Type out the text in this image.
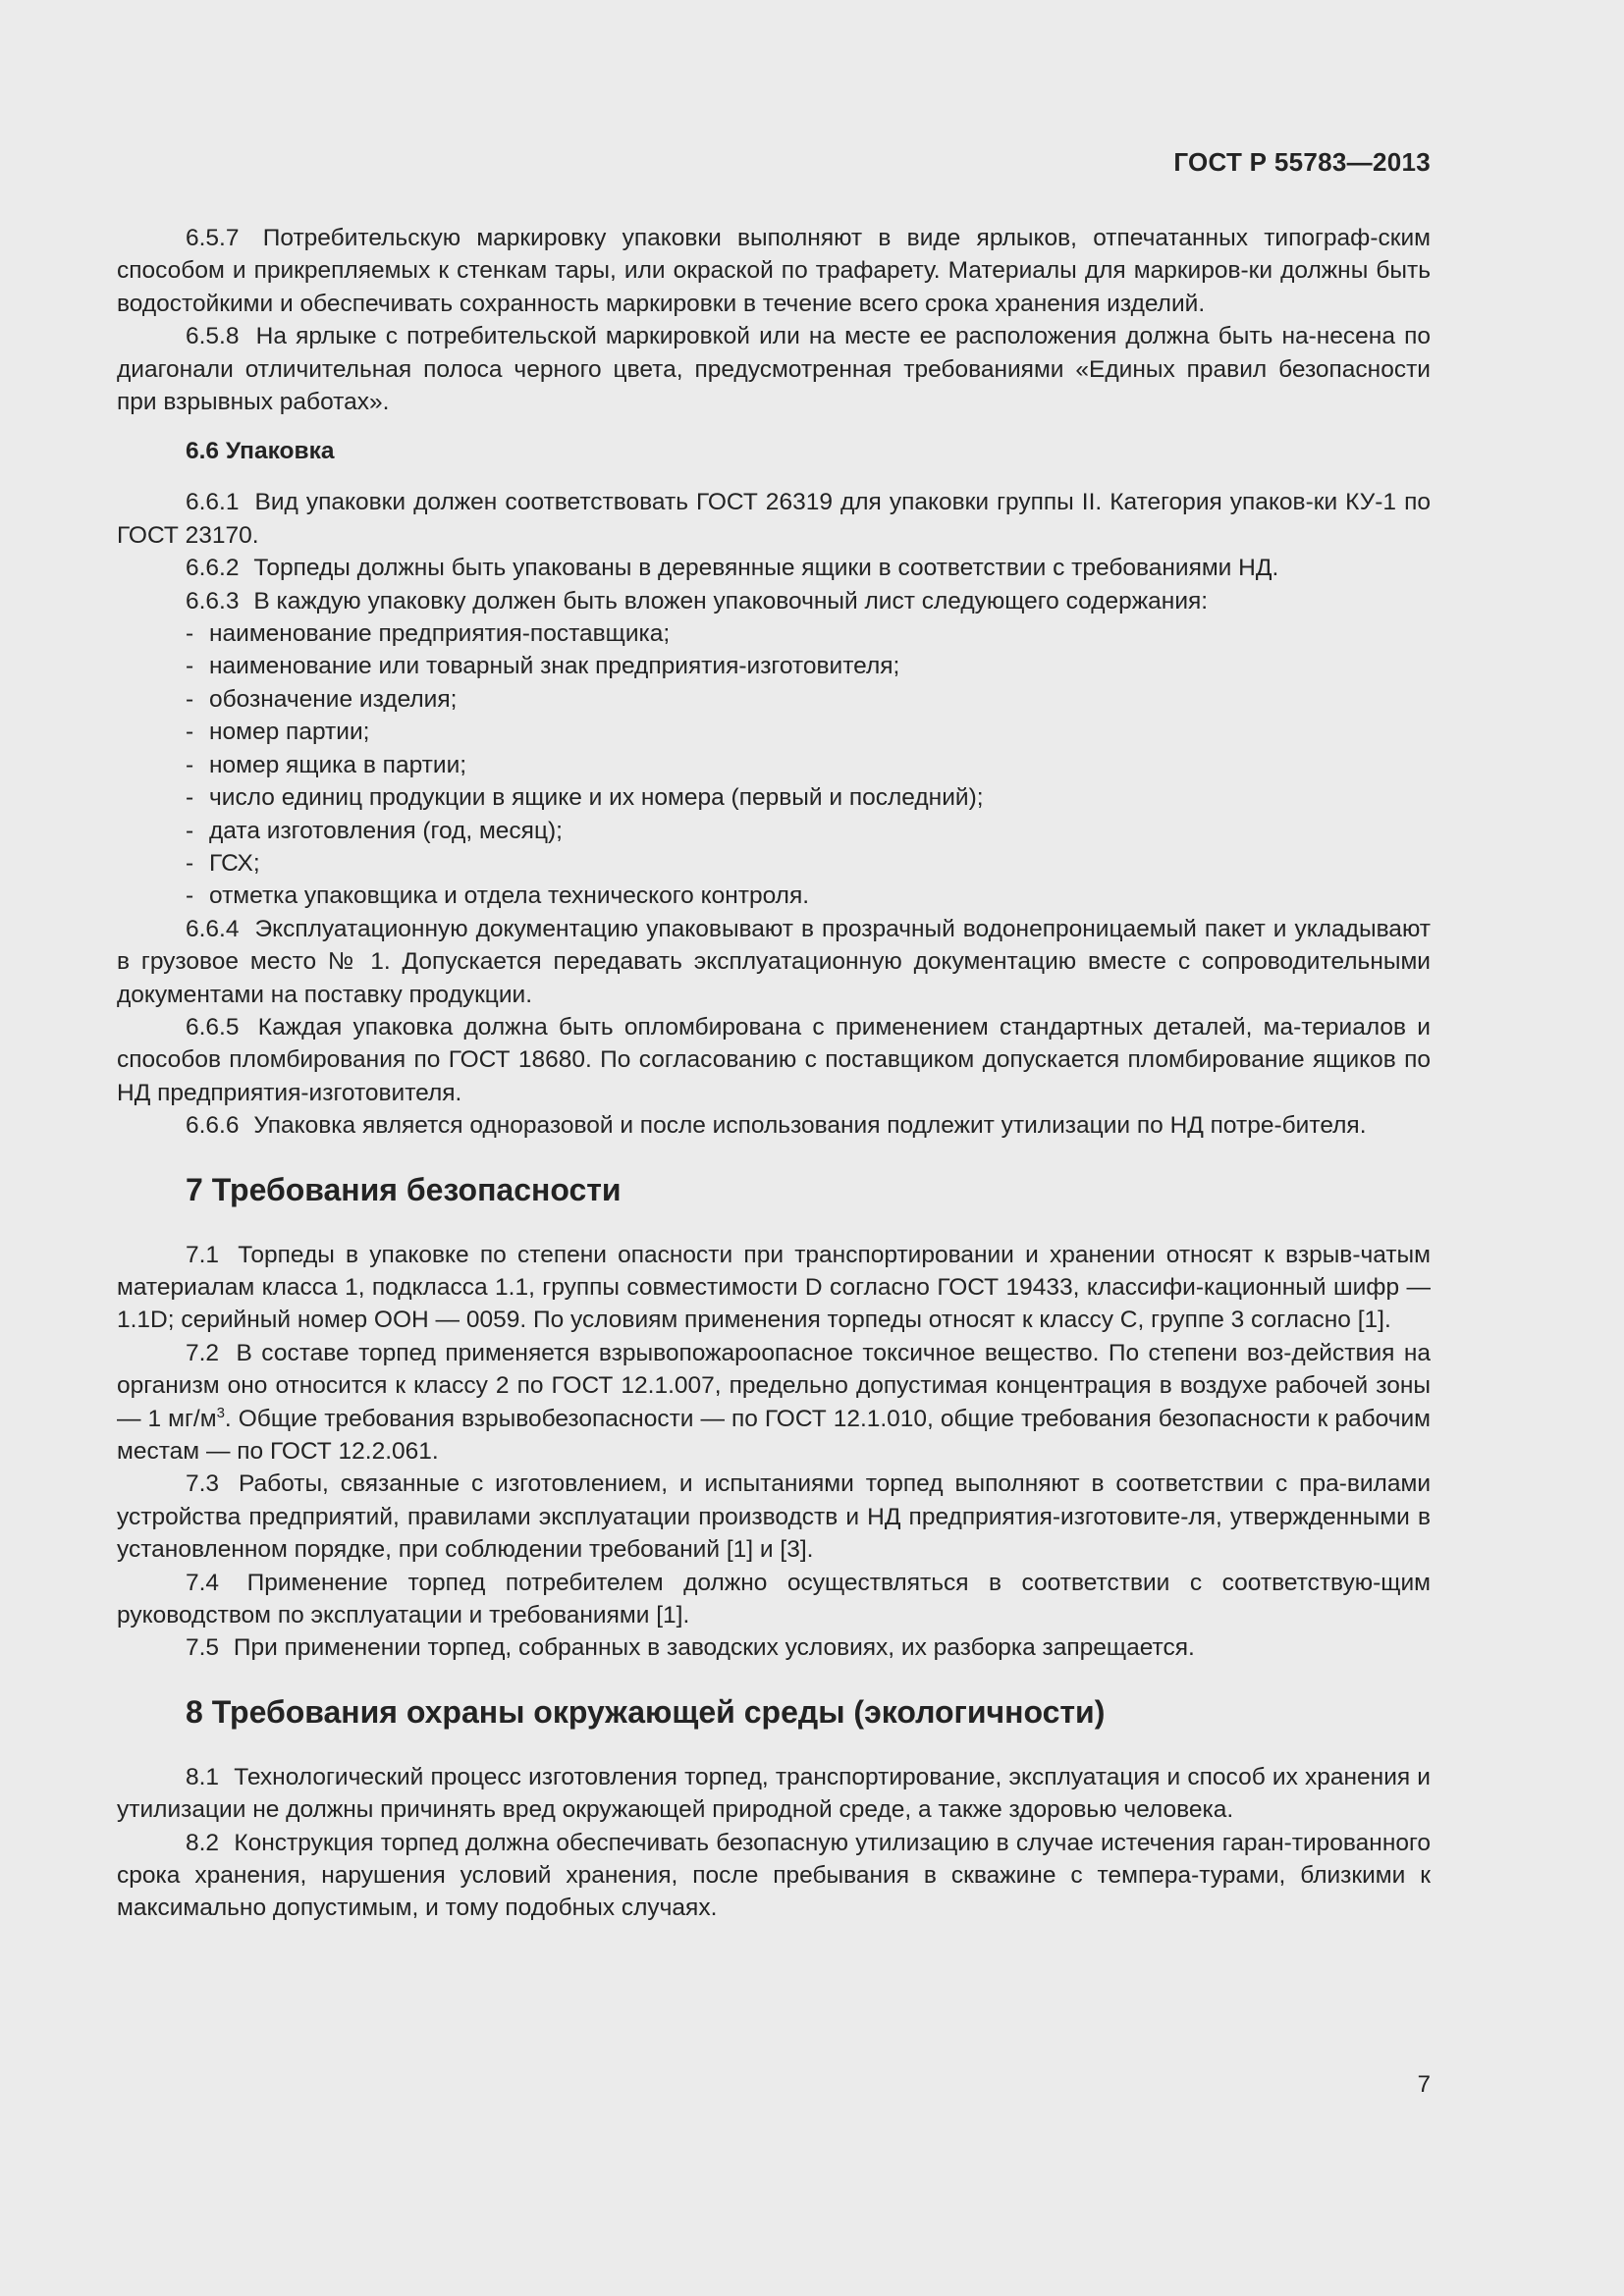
ГОСТ Р 55783—2013

6.5.7 Потребительскую маркировку упаковки выполняют в виде ярлыков, отпечатанных типограф-ским способом и прикрепляемых к стенкам тары, или окраской по трафарету. Материалы для маркиров-ки должны быть водостойкими и обеспечивать сохранность маркировки в течение всего срока хранения изделий.

6.5.8 На ярлыке с потребительской маркировкой или на месте ее расположения должна быть на-несена по диагонали отличительная полоса черного цвета, предусмотренная требованиями «Единых правил безопасности при взрывных работах».

6.6 Упаковка

6.6.1 Вид упаковки должен соответствовать ГОСТ 26319 для упаковки группы II. Категория упаков-ки КУ-1 по ГОСТ 23170.

6.6.2 Торпеды должны быть упакованы в деревянные ящики в соответствии с требованиями НД.

6.6.3 В каждую упаковку должен быть вложен упаковочный лист следующего содержания:

- наименование предприятия-поставщика;
- наименование или товарный знак предприятия-изготовителя;
- обозначение изделия;
- номер партии;
- номер ящика в партии;
- число единиц продукции в ящике и их номера (первый и последний);
- дата изготовления (год, месяц);
- ГСХ;
- отметка упаковщика и отдела технического контроля.

6.6.4 Эксплуатационную документацию упаковывают в прозрачный водонепроницаемый пакет и укладывают в грузовое место № 1. Допускается передавать эксплуатационную документацию вместе с сопроводительными документами на поставку продукции.

6.6.5 Каждая упаковка должна быть опломбирована с применением стандартных деталей, ма-териалов и способов пломбирования по ГОСТ 18680. По согласованию с поставщиком допускается пломбирование ящиков по НД предприятия-изготовителя.

6.6.6 Упаковка является одноразовой и после использования подлежит утилизации по НД потре-бителя.

7 Требования безопасности

7.1 Торпеды в упаковке по степени опасности при транспортировании и хранении относят к взрыв-чатым материалам класса 1, подкласса 1.1, группы совместимости D согласно ГОСТ 19433, классифи-кационный шифр — 1.1D; серийный номер ООН — 0059. По условиям применения торпеды относят к классу С, группе 3 согласно [1].

7.2 В составе торпед применяется взрывопожароопасное токсичное вещество. По степени воз-действия на организм оно относится к классу 2 по ГОСТ 12.1.007, предельно допустимая концентрация в воздухе рабочей зоны — 1 $мг/м^3$. Общие требования взрывобезопасности — по ГОСТ 12.1.010, общие требования безопасности к рабочим местам — по ГОСТ 12.2.061.

7.3 Работы, связанные с изготовлением, и испытаниями торпед выполняют в соответствии с пра-вилами устройства предприятий, правилами эксплуатации производств и НД предприятия-изготовите-ля, утвержденными в установленном порядке, при соблюдении требований [1] и [3].

7.4 Применение торпед потребителем должно осуществляться в соответствии с соответствую-щим руководством по эксплуатации и требованиями [1].

7.5 При применении торпед, собранных в заводских условиях, их разборка запрещается.

8 Требования охраны окружающей среды (экологичности)

8.1 Технологический процесс изготовления торпед, транспортирование, эксплуатация и способ их хранения и утилизации не должны причинять вред окружающей природной среде, а также здоровью человека.

8.2 Конструкция торпед должна обеспечивать безопасную утилизацию в случае истечения гаран-тированного срока хранения, нарушения условий хранения, после пребывания в скважине с темпера-турами, близкими к максимально допустимым, и тому подобных случаях.

7
